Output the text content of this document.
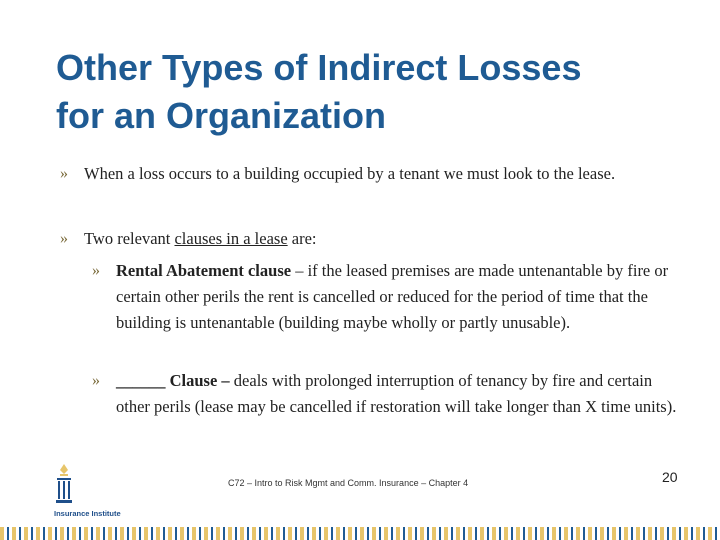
Other Types of Indirect Losses
for an Organization
» When a loss occurs to a building occupied by a tenant we must look to the lease.
» Two relevant clauses in a lease are:
» Rental Abatement clause – if the leased premises are made untenantable by fire or certain other perils the rent is cancelled or reduced for the period of time that the building is untenantable (building maybe wholly or partly unusable).
» ______ Clause – deals with prolonged interruption of tenancy by fire and certain other perils (lease may be cancelled if restoration will take longer than X time units).
Insurance Institute
C72 – Intro to Risk Mgmt and Comm. Insurance – Chapter 4	20
